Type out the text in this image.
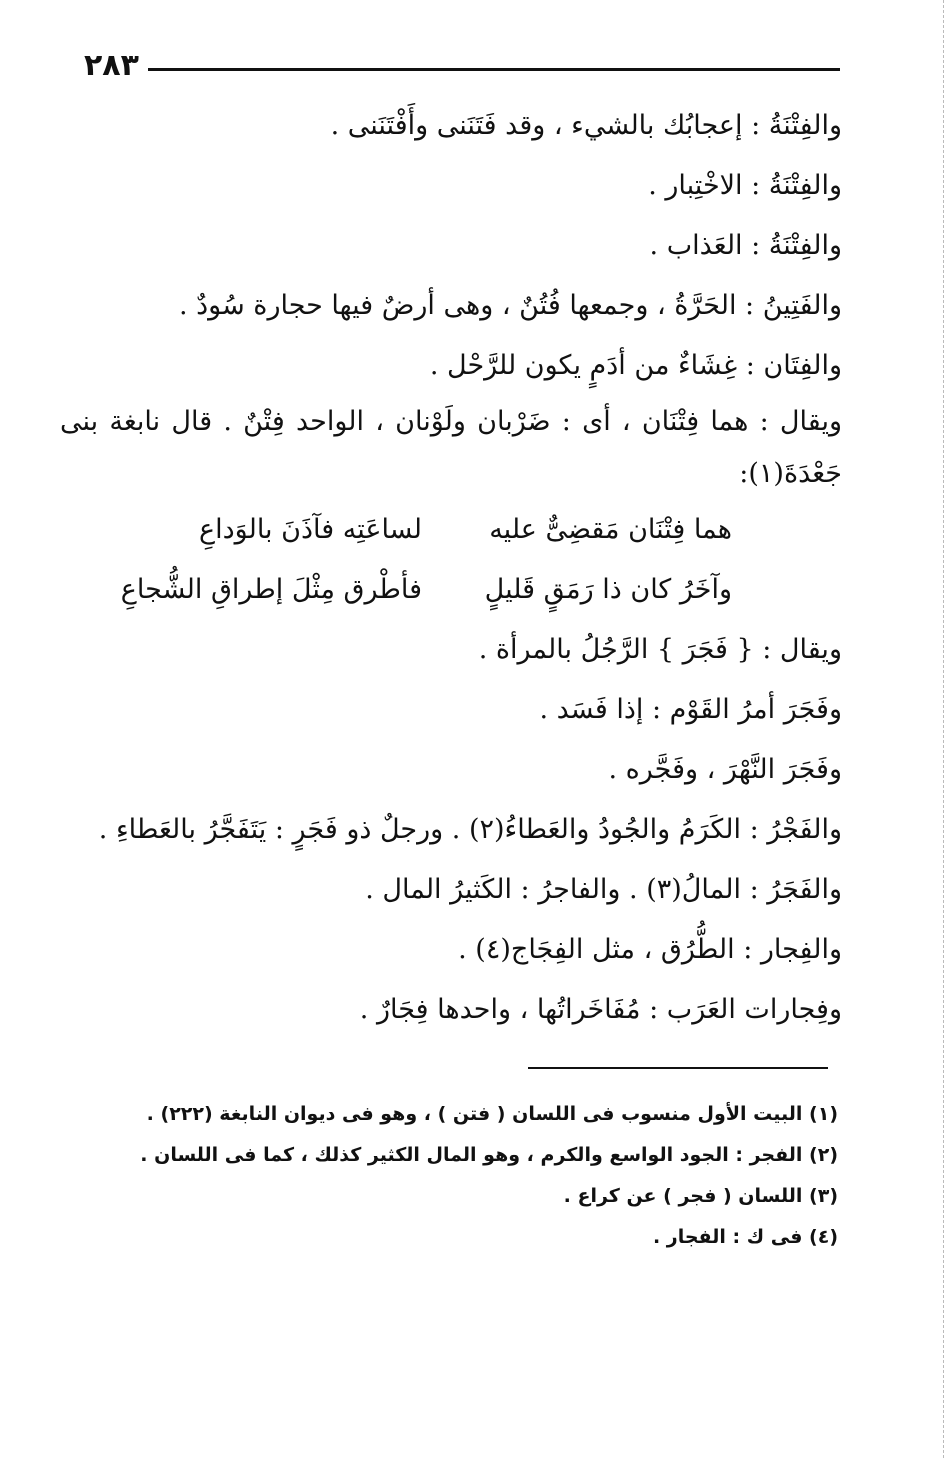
٢٨٣
والفِتْنَةُ : إعجابُك بالشيء ، وقد فَتَنَنى وأَفْتَنَنى .
والفِتْنَةُ : الاخْتِبار .
والفِتْنَةُ : العَذاب .
والفَتِينُ : الحَرَّةُ ، وجمعها فُتُنٌ ، وهى أرضٌ فيها حجارة سُودٌ .
والفِتَان : غِشَاءٌ من أدَمٍ يكون للرَّحْل .
ويقال : هما فِتْنَان ، أى : ضَرْبان ولَوْنان ، الواحد فِتْنٌ . قال نابغة بنى
جَعْدَةَ(١):
هما فِتْنَان مَقضِىٌّ عليه
لساعَتِه فآذَنَ بالوَداعِ
وآخَرُ كان ذا رَمَقٍ قَليلٍ
فأطْرق مِثْلَ إطراقِ الشُّجاعِ
ويقال : { فَجَرَ } الرَّجُلُ بالمرأة .
وفَجَرَ أمرُ القَوْم : إذا فَسَد .
وفَجَرَ النَّهْرَ ، وفَجَّره .
والفَجْرُ : الكَرَمُ والجُودُ والعَطاءُ(٢) . ورجلٌ ذو فَجَرٍ : يَتَفَجَّرُ بالعَطاءِ .
والفَجَرُ : المالُ(٣) . والفاجرُ : الكَثيرُ المال .
والفِجار : الطُّرُق ، مثل الفِجَاج(٤) .
وفِجارات العَرَب : مُفَاخَراتُها ، واحدها فِجَارٌ .
(١) البيت الأول منسوب فى اللسان ( فتن ) ، وهو فى ديوان النابغة (٢٢٢) .
(٢) الفجر : الجود الواسع والكرم ، وهو المال الكثير كذلك ، كما فى اللسان .
(٣) اللسان ( فجر ) عن كراع .
(٤) فى ك : الفجار .
